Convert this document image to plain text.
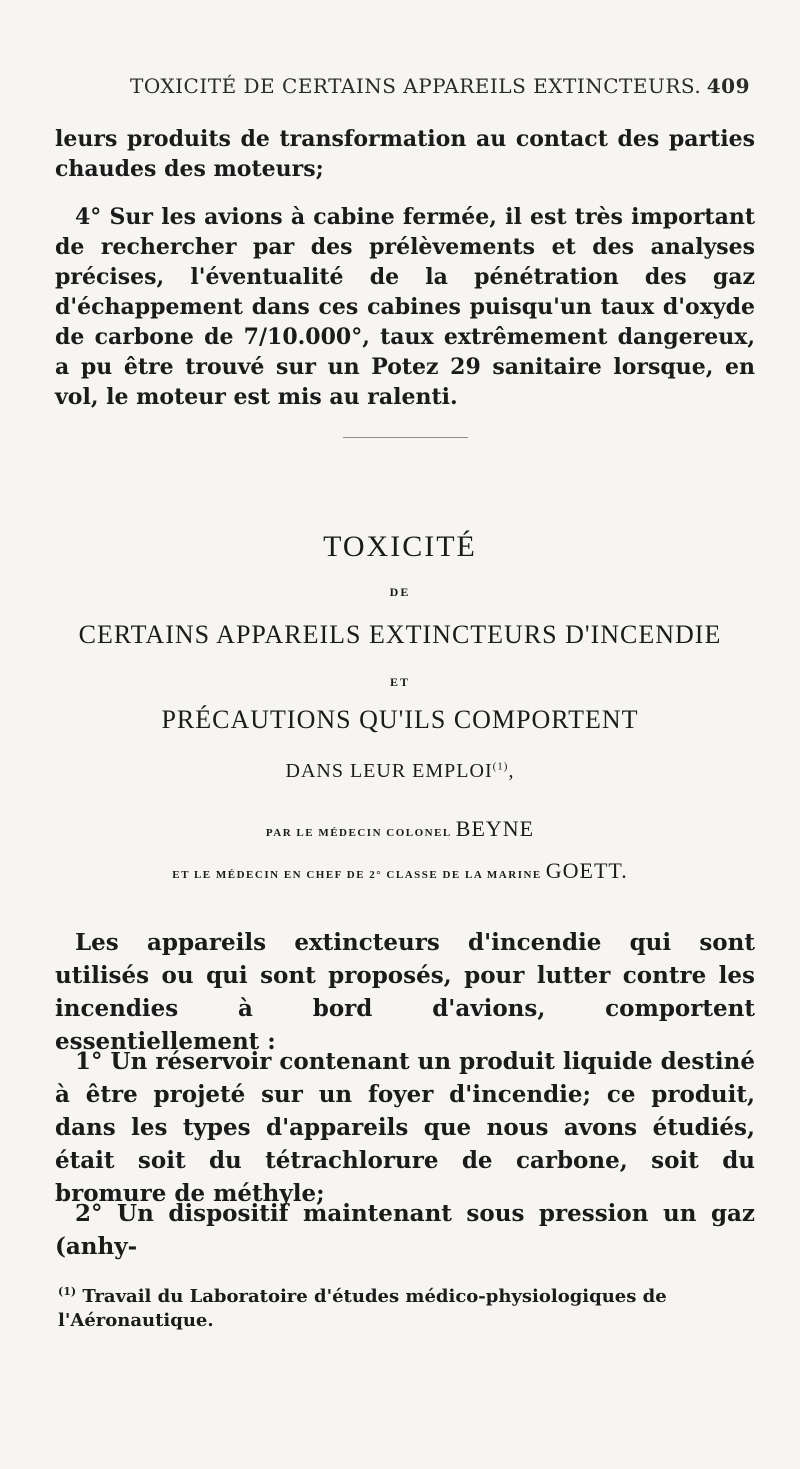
TOXICITÉ DE CERTAINS APPAREILS EXTINCTEURS. 409
leurs produits de transformation au contact des parties chaudes des moteurs;
4° Sur les avions à cabine fermée, il est très important de rechercher par des prélèvements et des analyses précises, l'éventualité de la pénétration des gaz d'échappement dans ces cabines puisqu'un taux d'oxyde de carbone de 7/10.000°, taux extrêmement dangereux, a pu être trouvé sur un Potez 29 sanitaire lorsque, en vol, le moteur est mis au ralenti.
TOXICITÉ
DE
CERTAINS APPAREILS EXTINCTEURS D'INCENDIE
ET
PRÉCAUTIONS QU'ILS COMPORTENT
DANS LEUR EMPLOI$^{(1)}$,
PAR LE MÉDECIN COLONEL BEYNE
ET LE MÉDECIN EN CHEF DE 2° CLASSE DE LA MARINE GOETT.
Les appareils extincteurs d'incendie qui sont utilisés ou qui sont proposés, pour lutter contre les incendies à bord d'avions, comportent essentiellement :
1° Un réservoir contenant un produit liquide destiné à être projeté sur un foyer d'incendie; ce produit, dans les types d'appareils que nous avons étudiés, était soit du tétrachlorure de carbone, soit du bromure de méthyle;
2° Un dispositif maintenant sous pression un gaz (anhy-
$^{(1)}$ Travail du Laboratoire d'études médico-physiologiques de l'Aéronautique.
